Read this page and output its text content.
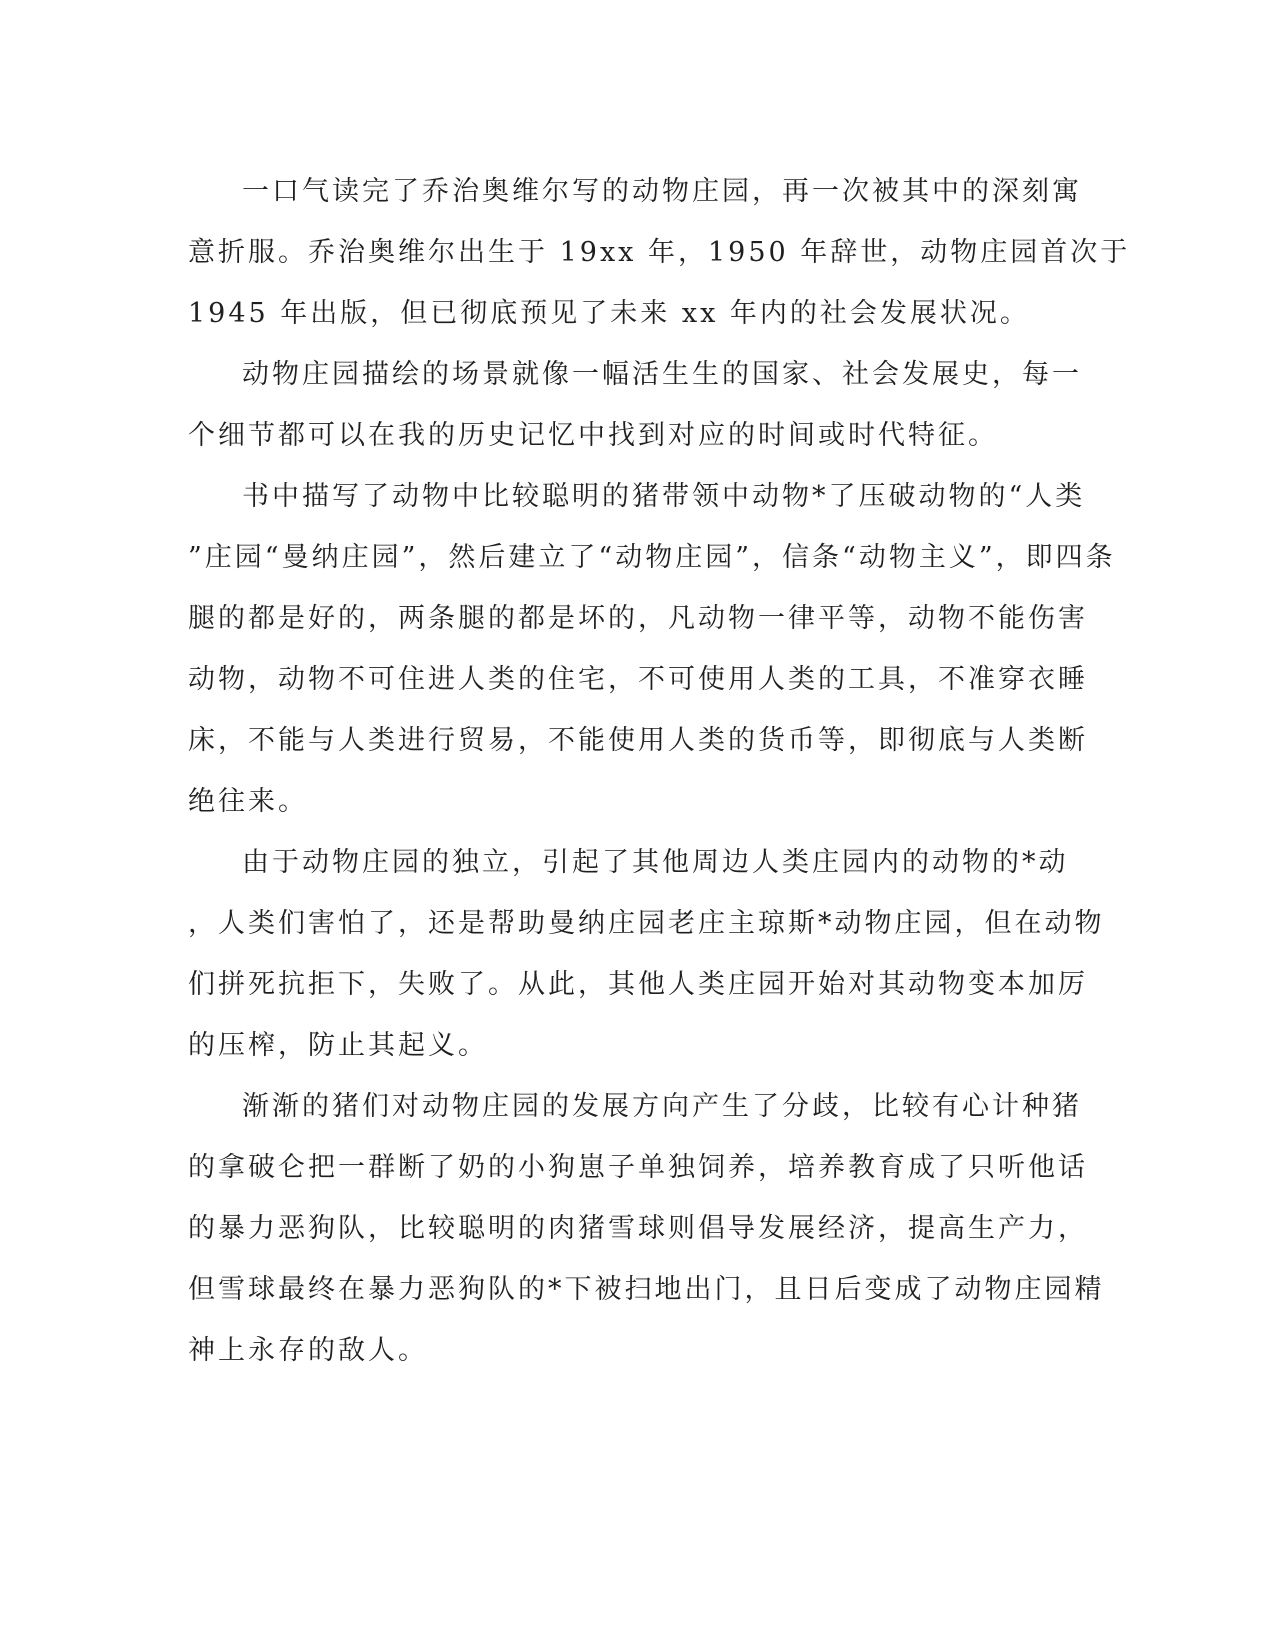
一口气读完了乔治奥维尔写的动物庄园，再一次被其中的深刻寓
意折服。乔治奥维尔出生于 19xx 年，1950 年辞世，动物庄园首次于
1945 年出版，但已彻底预见了未来 xx 年内的社会发展状况。

动物庄园描绘的场景就像一幅活生生的国家、社会发展史，每一
个细节都可以在我的历史记忆中找到对应的时间或时代特征。

书中描写了动物中比较聪明的猪带领中动物*了压破动物的“人类
”庄园“曼纳庄园”，然后建立了“动物庄园”，信条“动物主义”，即四条
腿的都是好的，两条腿的都是坏的，凡动物一律平等，动物不能伤害
动物，动物不可住进人类的住宅，不可使用人类的工具，不准穿衣睡
床，不能与人类进行贸易，不能使用人类的货币等，即彻底与人类断
绝往来。

由于动物庄园的独立，引起了其他周边人类庄园内的动物的*动
，人类们害怕了，还是帮助曼纳庄园老庄主琼斯*动物庄园，但在动物
们拼死抗拒下，失败了。从此，其他人类庄园开始对其动物变本加厉
的压榨，防止其起义。

渐渐的猪们对动物庄园的发展方向产生了分歧，比较有心计种猪
的拿破仑把一群断了奶的小狗崽子单独饲养，培养教育成了只听他话
的暴力恶狗队，比较聪明的肉猪雪球则倡导发展经济，提高生产力，
但雪球最终在暴力恶狗队的*下被扫地出门，且日后变成了动物庄园精
神上永存的敌人。
